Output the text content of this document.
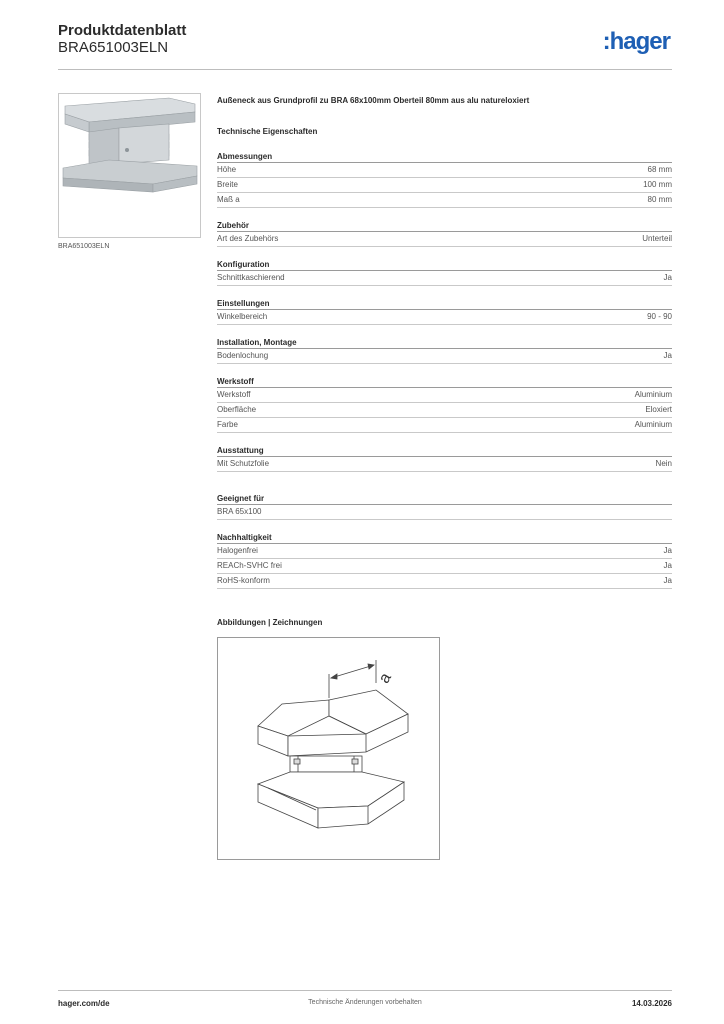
Produktdatenblatt
BRA651003ELN	:hager
BRA651003ELN
Außeneck aus Grundprofil zu BRA 68x100mm Oberteil 80mm aus alu natureloxiert
Technische Eigenschaften
Abmessungen
Höhe	68 mm
Breite	100 mm
Maß a	80 mm
Zubehör
Art des Zubehörs	Unterteil
Konfiguration
Schnittkaschierend	Ja
Einstellungen
Winkelbereich	90 - 90
Installation, Montage
Bodenlochung	Ja
Werkstoff
Werkstoff	Aluminium
Oberfläche	Eloxiert
Farbe	Aluminium
Ausstattung
Mit Schutzfolie	Nein
Geeignet für
BRA 65x100
Nachhaltigkeit
Halogenfrei	Ja
REACh-SVHC frei	Ja
RoHS-konform	Ja
Abbildungen | Zeichnungen
a
hager.com/de	Technische Änderungen vorbehalten	14.03.2026
